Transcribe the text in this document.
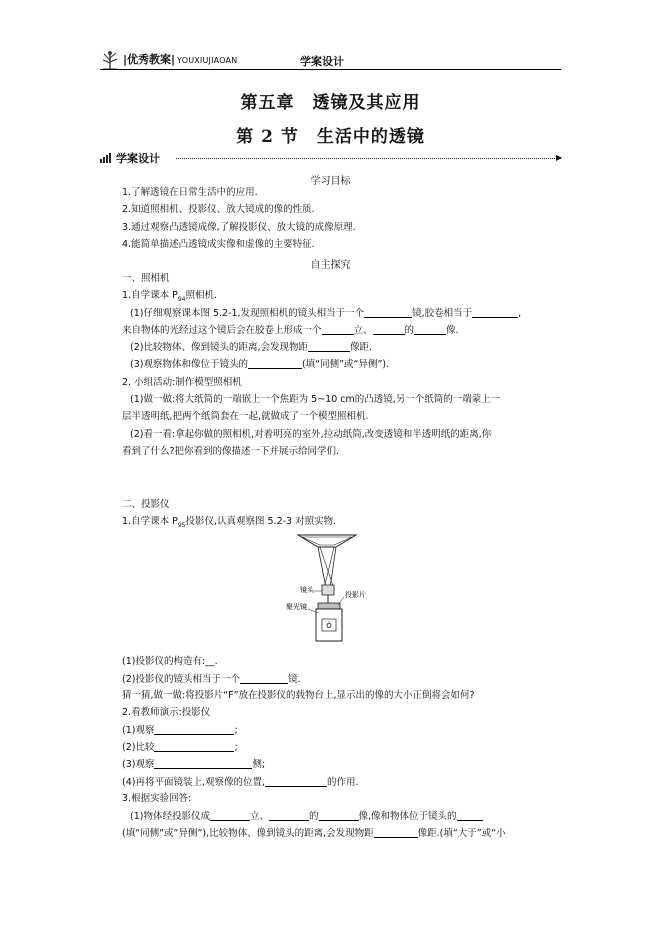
|优秀教案| YOUXIUJIAOAN	学案设计
第五章　透镜及其应用
第 2 节　生活中的透镜
学案设计	▶
学习目标
1.了解透镜在日常生活中的应用.
2.知道照相机、投影仪、放大镜成的像的性质.
3.通过观察凸透镜成像,了解投影仪、放大镜的成像原理.
4.能简单描述凸透镜成实像和虚像的主要特征.
自主探究
一、照相机
1.自学课本 $P_{94}$照相机.
(1)仔细观察课本图 5.2-1,发现照相机的镜头相当于一个	镜,胶卷相当于	,
来自物体的光经过这个镜后会在胶卷上形成一个	立、	的	像.
(2)比较物体、像到镜头的距离,会发现物距	像距.
(3)观察物体和像位于镜头的	(填“同侧”或“异侧”).
2. 小组活动:制作模型照相机
(1)做一做:将大纸筒的一端嵌上一个焦距为 5~10 cm的凸透镜,另一个纸筒的一端蒙上一
层半透明纸,把两个纸筒套在一起,就做成了一个模型照相机.
(2)看一看:拿起你做的照相机,对着明亮的室外,拉动纸筒,改变透镜和半透明纸的距离,你
看到了什么?把你看到的像描述一下并展示给同学们.
二、投影仪
1.自学课本 $P_{95}$投影仪,认真观察图 5.2-3 对照实物.
Ö
镜头
投影片
聚光镜
(1)投影仪的构造有:__.
(2)投影仪的镜头相当于一个	镜.
猜一猜,做一做:将投影片“F”放在投影仪的载物台上,显示出的像的大小正倒将会如何?
2.看教师演示:投影仪
(1)观察	;
(2)比较	;
(3)观察	侧;
(4)再将平面镜装上,观察像的位置,	的作用.
3.根据实验回答:
(1)物体经投影仪成	立、	的	像,像和物体位于镜头的
(填“同侧”或“异侧”),比较物体、像到镜头的距离,会发现物距	像距.(填“大于”或“小
